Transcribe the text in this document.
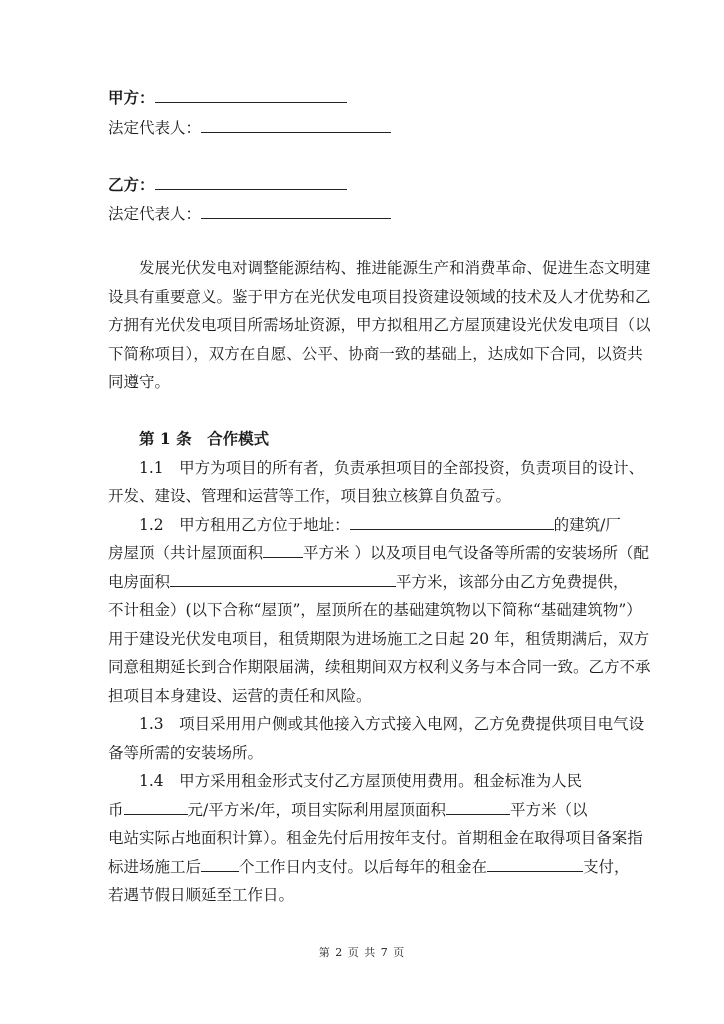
甲方：
法定代表人：
乙方：
法定代表人：
发展光伏发电对调整能源结构、推进能源生产和消费革命、促进生态文明建
设具有重要意义。鉴于甲方在光伏发电项目投资建设领域的技术及人才优势和乙
方拥有光伏发电项目所需场址资源，甲方拟租用乙方屋顶建设光伏发电项目（以
下简称项目），双方在自愿、公平、协商一致的基础上，达成如下合同，以资共
同遵守。
第 1 条　合作模式
1.1　甲方为项目的所有者，负责承担项目的全部投资，负责项目的设计、
开发、建设、管理和运营等工作，项目独立核算自负盈亏。
1.2　甲方租用乙方位于地址：	的建筑/厂
房屋顶（共计屋顶面积	平方米 ）以及项目电气设备等所需的安装场所（配
电房面积	平方米，该部分由乙方免费提供，
不计租金）(以下合称“屋顶”，屋顶所在的基础建筑物以下简称“基础建筑物”）
用于建设光伏发电项目，租赁期限为进场施工之日起 20 年，租赁期满后，双方
同意租期延长到合作期限届满，续租期间双方权利义务与本合同一致。乙方不承
担项目本身建设、运营的责任和风险。
1.3　项目采用用户侧或其他接入方式接入电网，乙方免费提供项目电气设
备等所需的安装场所。
1.4　甲方采用租金形式支付乙方屋顶使用费用。租金标准为人民
币	元/平方米/年，项目实际利用屋顶面积	平方米（以
电站实际占地面积计算）。租金先付后用按年支付。首期租金在取得项目备案指
标进场施工后 个工作日内支付。以后每年的租金在	支付，
若遇节假日顺延至工作日。
第 2 页 共 7 页
